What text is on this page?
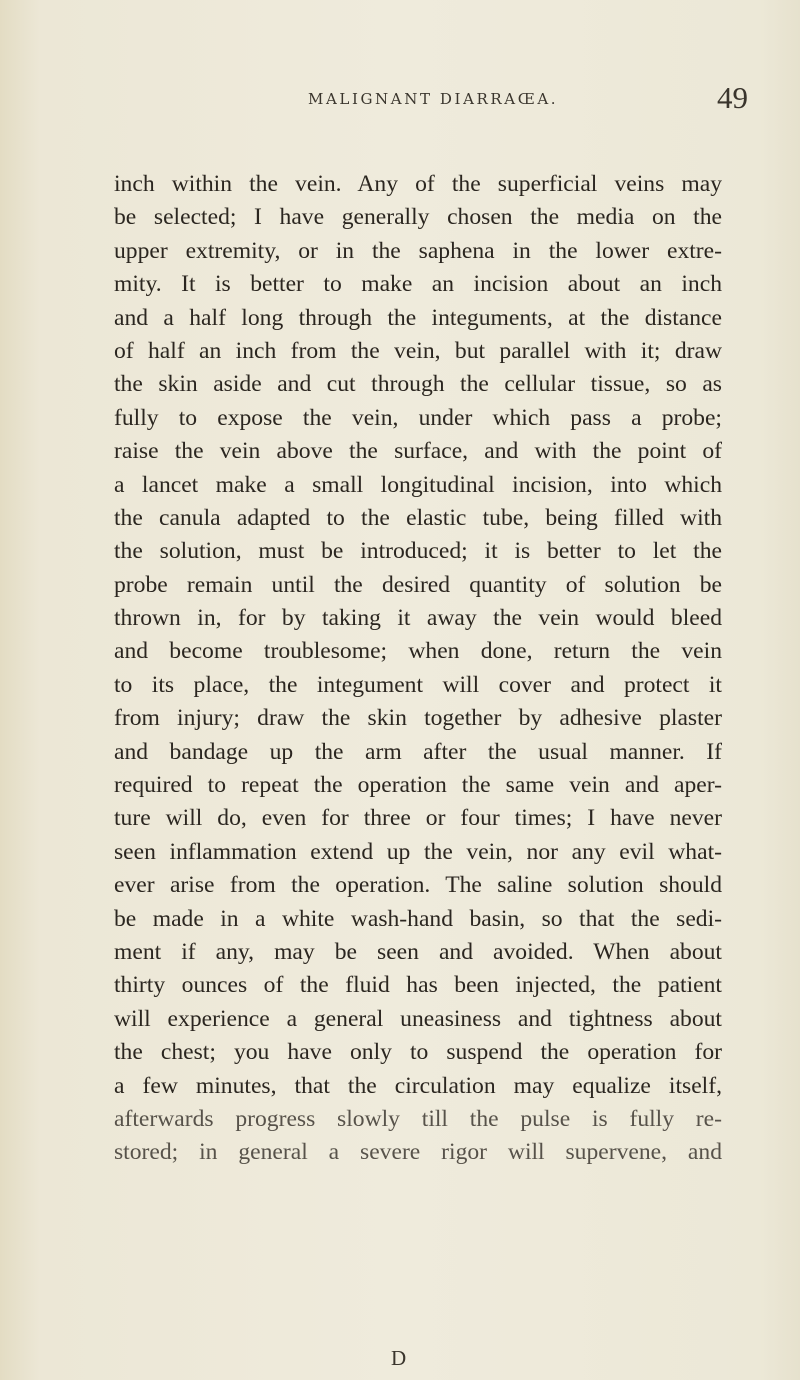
MALIGNANT DIARRAŒA.	49
inch within the vein. Any of the superficial veins may
be selected; I have generally chosen the media on the
upper extremity, or in the saphena in the lower extre-
mity. It is better to make an incision about an inch
and a half long through the integuments, at the distance
of half an inch from the vein, but parallel with it; draw
the skin aside and cut through the cellular tissue, so as
fully to expose the vein, under which pass a probe;
raise the vein above the surface, and with the point of
a lancet make a small longitudinal incision, into which
the canula adapted to the elastic tube, being filled with
the solution, must be introduced; it is better to let the
probe remain until the desired quantity of solution be
thrown in, for by taking it away the vein would bleed
and become troublesome; when done, return the vein
to its place, the integument will cover and protect it
from injury; draw the skin together by adhesive plaster
and bandage up the arm after the usual manner. If
required to repeat the operation the same vein and aper-
ture will do, even for three or four times; I have never
seen inflammation extend up the vein, nor any evil what-
ever arise from the operation. The saline solution should
be made in a white wash-hand basin, so that the sedi-
ment if any, may be seen and avoided. When about
thirty ounces of the fluid has been injected, the patient
will experience a general uneasiness and tightness about
the chest; you have only to suspend the operation for
a few minutes, that the circulation may equalize itself,
afterwards progress slowly till the pulse is fully re-
stored; in general a severe rigor will supervene, and
D
